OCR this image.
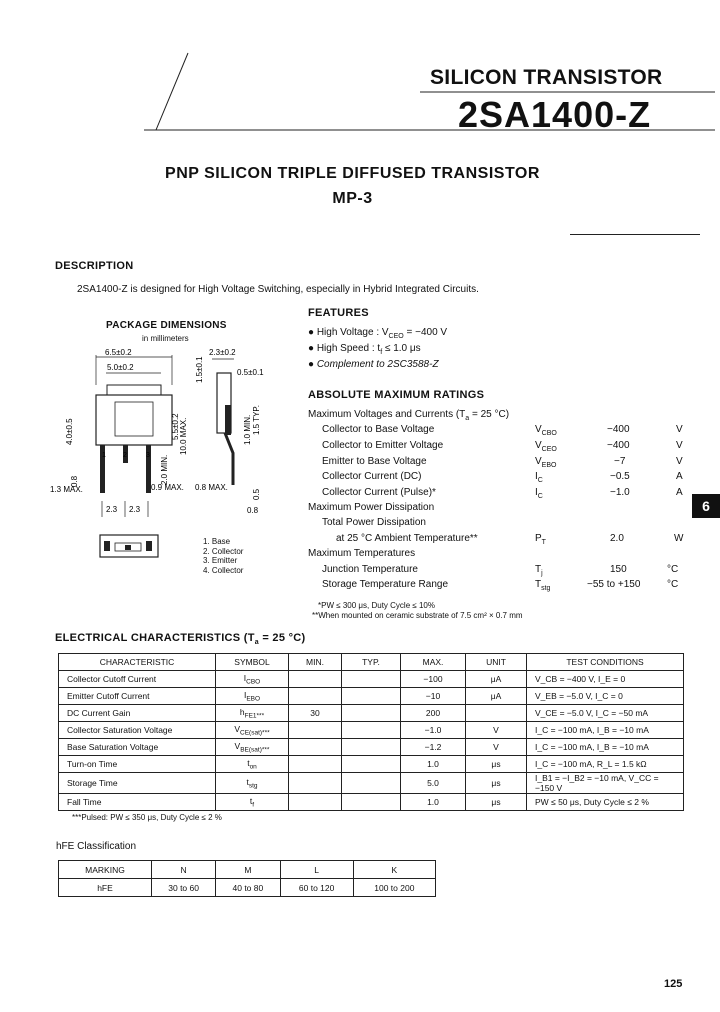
SILICON TRANSISTOR
2SA1400-Z
PNP SILICON TRIPLE DIFFUSED TRANSISTOR
MP-3
DESCRIPTION
2SA1400-Z is designed for High Voltage Switching, especially in Hybrid Integrated Circuits.
PACKAGE DIMENSIONS
in millimeters
6.5±0.2
5.0±0.2
1 2	3
4.0±0.5	5.5±0.2 10.0 MAX.
0.8	2.0 MIN.
1.3 MAX.	0.9 MAX. 0.8 MAX.
0.5
0.8
2.3±0.2
0.5±0.1
1.5±0.1
1.0 MIN. 1.5 TYP.
2.3 2.3
1. Base
2. Collector
3. Emitter
4. Collector
FEATURES
● High Voltage : $V_{CEO} = -400$ V
● High Speed : $t_f \le 1.0$ μs
● Complement to 2SC3588-Z
ABSOLUTE MAXIMUM RATINGS
Maximum Voltages and Currents ($T_a = 25$ °C)
Collector to Base Voltage	$V_{CBO}$	−400	V
Collector to Emitter Voltage	$V_{CEO}$	−400	V
Emitter to Base Voltage	$V_{EBO}$	−7	V
Collector Current (DC)	$I_C$	−0.5	A
Collector Current (Pulse)*	$I_C$	−1.0	A
Maximum Power Dissipation
Total Power Dissipation
at 25 °C Ambient Temperature**	$P_T$	2.0	W
Maximum Temperatures
Junction Temperature	$T_j$	150	°C
Storage Temperature Range	$T_{stg}$	−55 to +150	°C
*PW ≤ 300 μs, Duty Cycle ≤ 10%
**When mounted on ceramic substrate of 7.5 cm² × 0.7 mm
6
ELECTRICAL CHARACTERISTICS ($T_a = 25$ °C)
CHARACTERISTIC	SYMBOL	MIN.	TYP.	MAX.	UNIT	TEST CONDITIONS
Collector Cutoff Current	$I_{CBO}$			−100	μA	V_CB = −400 V, I_E = 0
Emitter Cutoff Current	$I_{EBO}$			−10	μA	V_EB = −5.0 V, I_C = 0
DC Current Gain	$h_{FE1***}$	30		200		V_CE = −5.0 V, I_C = −50 mA
Collector Saturation Voltage	$V_{CE(sat)***}$			−1.0	V	I_C = −100 mA, I_B = −10 mA
Base Saturation Voltage	$V_{BE(sat)***}$			−1.2	V	I_C = −100 mA, I_B = −10 mA
Turn-on Time	$t_{on}$			1.0	μs	I_C = −100 mA, R_L = 1.5 kΩ
Storage Time	$t_{stg}$			5.0	μs	I_B1 = −I_B2 = −10 mA, V_CC = −150 V
Fall Time	$t_f$			1.0	μs	PW ≤ 50 μs, Duty Cycle ≤ 2 %
***Pulsed: PW ≤ 350 μs, Duty Cycle ≤ 2 %
hFE Classification
MARKING	N	M	L	K
hFE	30 to 60	40 to 80	60 to 120	100 to 200
125
